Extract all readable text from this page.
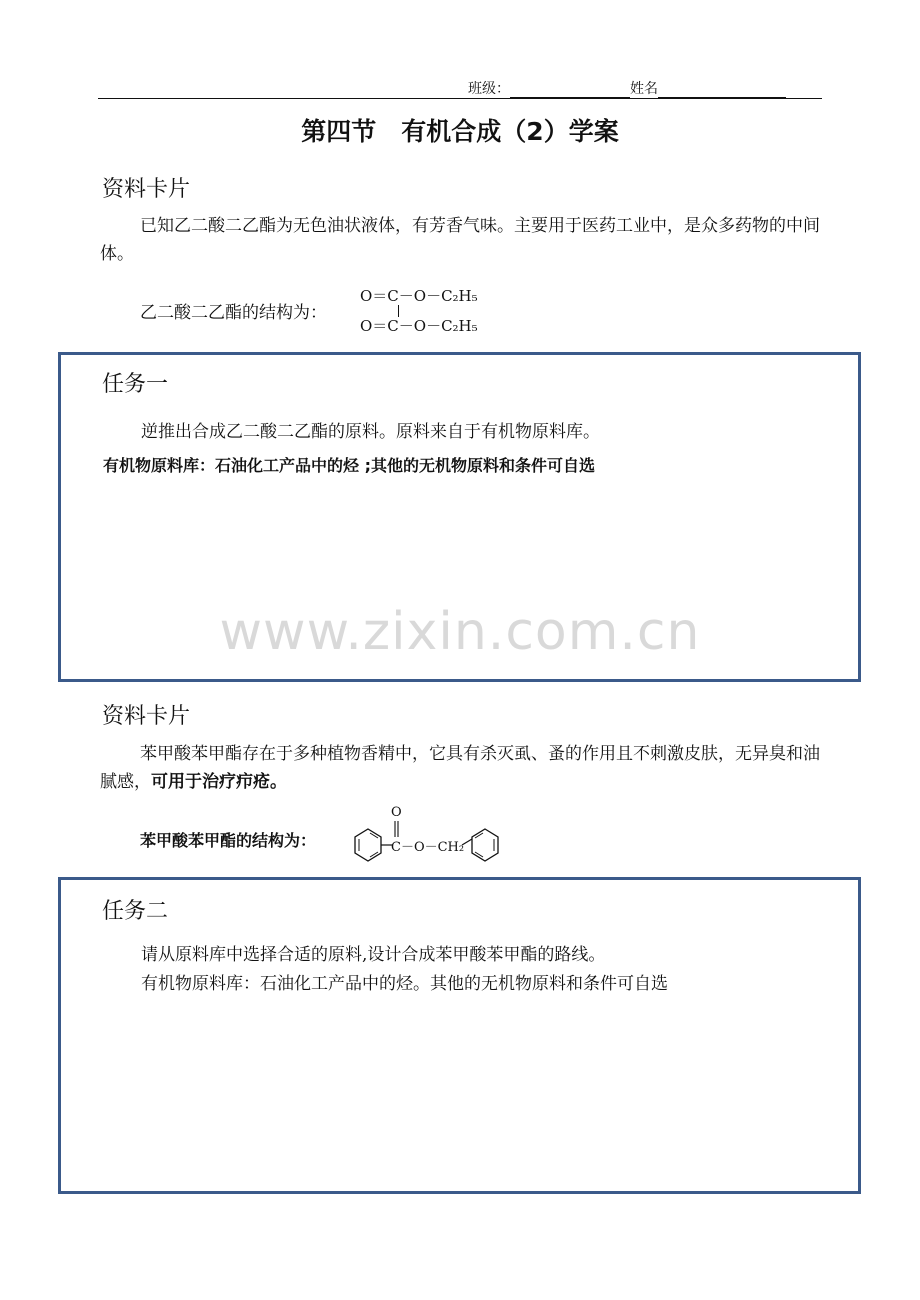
班级：	姓名
第四节　有机合成（2）学案
资料卡片
已知乙二酸二乙酯为无色油状液体，有芳香气味。主要用于医药工业中，是众多药物的中间体。
乙二酸二乙酯的结构为：
O＝C－O－C₂H₅
O＝C－O－C₂H₅
任务一
逆推出合成乙二酸二乙酯的原料。原料来自于有机物原料库。
有机物原料库：石油化工产品中的烃 ;其他的无机物原料和条件可自选
www.zixin.com.cn
资料卡片
苯甲酸苯甲酯存在于多种植物香精中，它具有杀灭虱、蚤的作用且不刺激皮肤，无异臭和油腻感，可用于治疗疖疮。
苯甲酸苯甲酯的结构为：
O
C－O－CH₂
任务二
请从原料库中选择合适的原料,设计合成苯甲酸苯甲酯的路线。
有机物原料库：石油化工产品中的烃。其他的无机物原料和条件可自选
